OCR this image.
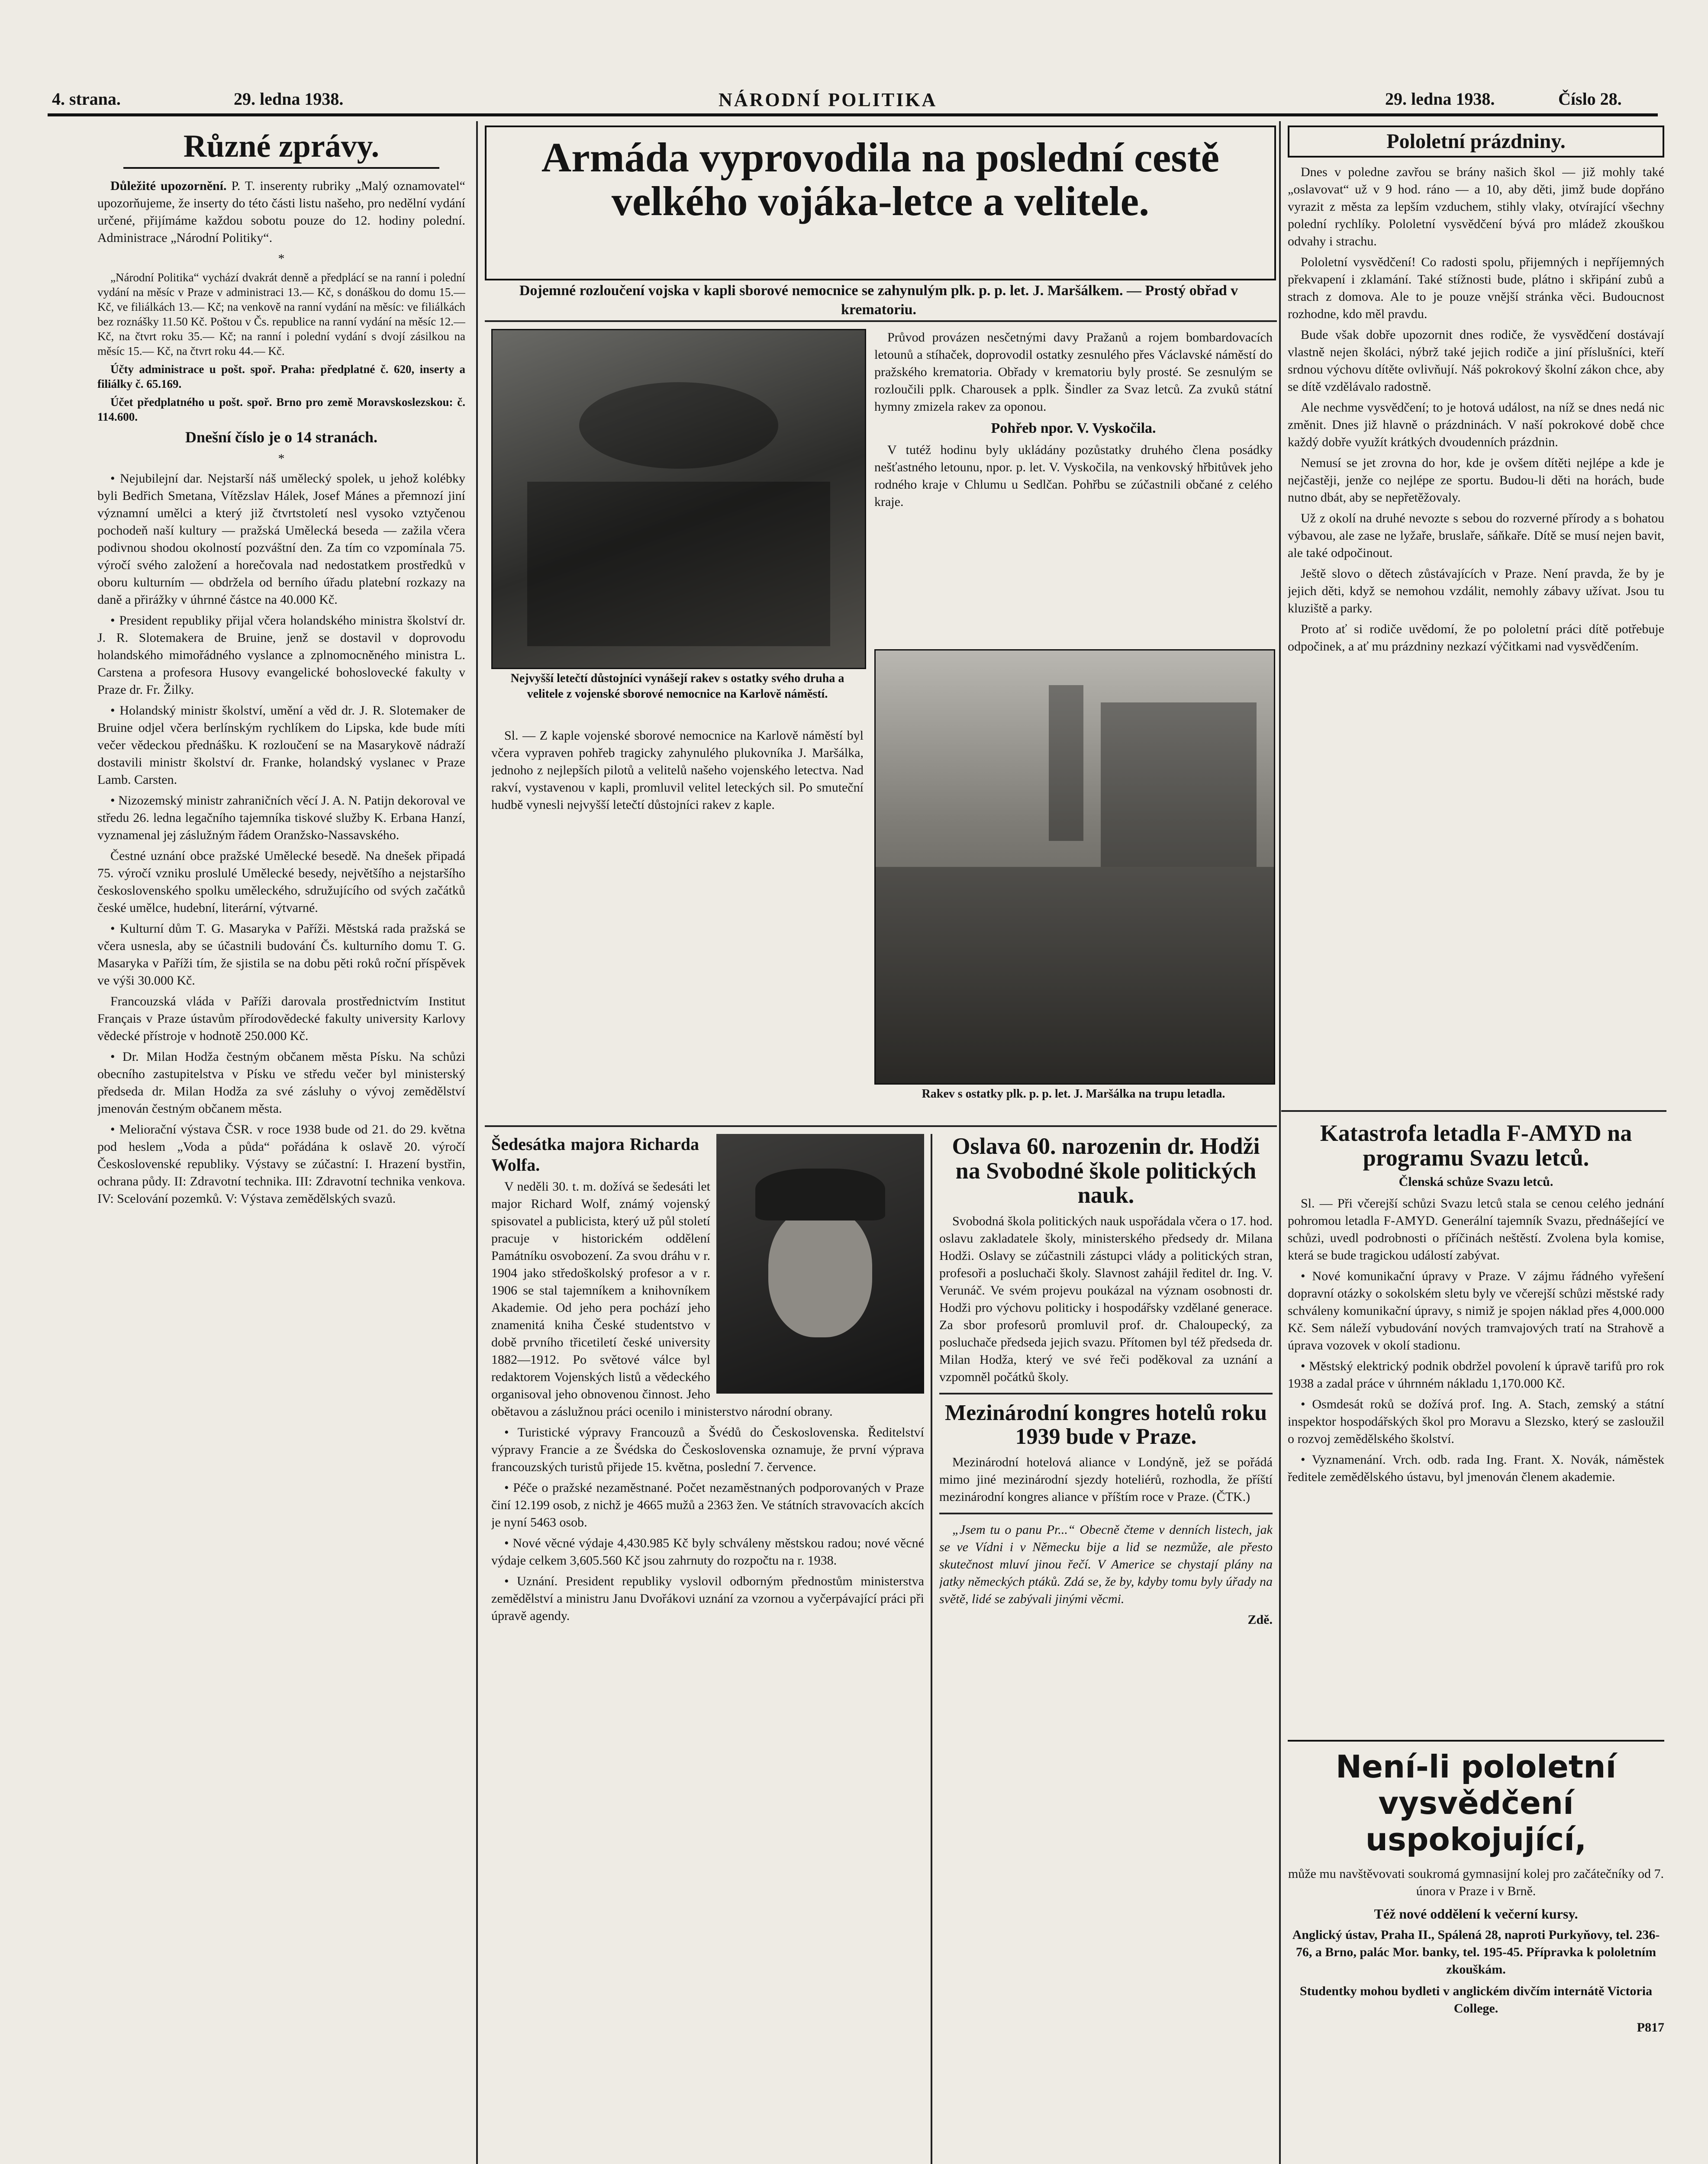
4. strana.	29. ledna 1938.	NÁRODNÍ POLITIKA	29. ledna 1938.	Číslo 28.
Různé zprávy.

Důležité upozornění. P. T. inserenty rubriky „Malý oznamovatel“ upozorňujeme, že inserty do této části listu našeho, pro nedělní vydání určené, přijímáme každou sobotu pouze do 12. hodiny polední. Administrace „Národní Politiky“.

*

„Národní Politika“ vychází dvakrát denně a předplácí se na ranní i polední vydání na měsíc v Praze v administraci 13.— Kč, s donáškou do domu 15.— Kč, ve filiálkách 13.— Kč; na venkově na ranní vydání na měsíc: ve filiálkách bez roznášky 11.50 Kč. Poštou v Čs. republice na ranní vydání na měsíc 12.— Kč, na čtvrt roku 35.— Kč; na ranní i polední vydání s dvojí zásilkou na měsíc 15.— Kč, na čtvrt roku 44.— Kč.

Účty administrace u pošt. spoř. Praha: předplatné č. 620, inserty a filiálky č. 65.169.

Účet předplatného u pošt. spoř. Brno pro země Moravskoslezskou: č. 114.600.

Dnešní číslo je o 14 stranách.
*

• Nejubilejní dar. Nejstarší náš umělecký spolek, u jehož kolébky byli Bedřich Smetana, Vítězslav Hálek, Josef Mánes a přemnozí jiní významní umělci a který již čtvrtstoletí nesl vysoko vztyčenou pochodeň naší kultury — pražská Umělecká beseda — zažila včera podivnou shodou okolností pozváštní den. Za tím co vzpomínala 75. výročí svého založení a horečovala nad nedostatkem prostředků v oboru kulturním — obdržela od berního úřadu platební rozkazy na daně a přirážky v úhrnné částce na 40.000 Kč.

• President republiky přijal včera holandského ministra školství dr. J. R. Slotemakera de Bruine, jenž se dostavil v doprovodu holandského mimořádného vyslance a zplnomocněného ministra L. Carstena a profesora Husovy evangelické bohoslovecké fakulty v Praze dr. Fr. Žilky.

• Holandský ministr školství, umění a věd dr. J. R. Slotemaker de Bruine odjel včera berlínským rychlíkem do Lipska, kde bude míti večer vědeckou přednášku. K rozloučení se na Masarykově nádraží dostavili ministr školství dr. Franke, holandský vyslanec v Praze Lamb. Carsten.

• Nizozemský ministr zahraničních věcí J. A. N. Patijn dekoroval ve středu 26. ledna legačního tajemníka tiskové služby K. Erbana Hanzí, vyznamenal jej záslužným řádem Oranžsko-Nassavského.

Čestné uznání obce pražské Umělecké besedě. Na dnešek připadá 75. výročí vzniku proslulé Umělecké besedy, největšího a nejstaršího československého spolku uměleckého, sdružujícího od svých začátků české umělce, hudební, literární, výtvarné.

• Kulturní dům T. G. Masaryka v Paříži. Městská rada pražská se včera usnesla, aby se účastnili budování Čs. kulturního domu T. G. Masaryka v Paříži tím, že sjistila se na dobu pěti roků roční příspěvek ve výši 30.000 Kč.

Francouzská vláda v Paříži darovala prostřednictvím Institut Français v Praze ústavům přírodovědecké fakulty university Karlovy vědecké přístroje v hodnotě 250.000 Kč.

• Dr. Milan Hodža čestným občanem města Písku. Na schůzi obecního zastupitelstva v Písku ve středu večer byl ministerský předseda dr. Milan Hodža za své zásluhy o vývoj zemědělství jmenován čestným občanem města.

• Meliorační výstava ČSR. v roce 1938 bude od 21. do 29. května pod heslem „Voda a půda“ pořádána k oslavě 20. výročí Československé republiky. Výstavy se zúčastní: I. Hrazení bystřin, ochrana půdy. II: Zdravotní technika. III: Zdravotní technika venkova. IV: Scelování pozemků. V: Výstava zemědělských svazů.

Armáda vyprovodila na poslední cestě velkého vojáka-letce a velitele.
Dojemné rozloučení vojska v kapli sborové nemocnice se zahynulým plk. p. p. let. J. Maršálkem. — Prostý obřad v krematoriu.
Nejvyšší letečtí důstojníci vynášejí rakev s ostatky svého druha a velitele z vojenské sborové nemocnice na Karlově náměstí.

Sl. — Z kaple vojenské sborové nemocnice na Karlově náměstí byl včera vypraven pohřeb tragicky zahynulého plukovníka J. Maršálka, jednoho z nejlepších pilotů a velitelů našeho vojenského letectva. Nad rakví, vystavenou v kapli, promluvil velitel leteckých sil. Po smuteční hudbě vynesli nejvyšší letečtí důstojníci rakev z kaple.

Průvod provázen nesčetnými davy Pražanů a rojem bombardovacích letounů a stíhaček, doprovodil ostatky zesnulého přes Václavské náměstí do pražského krematoria. Obřady v krematoriu byly prosté. Se zesnulým se rozloučili pplk. Charousek a pplk. Šindler za Svaz letců. Za zvuků státní hymny zmizela rakev za oponou.

Pohřeb npor. V. Vyskočila.

V tutéž hodinu byly ukládány pozůstatky druhého člena posádky nešťastného letounu, npor. p. let. V. Vyskočila, na venkovský hřbitůvek jeho rodného kraje v Chlumu u Sedlčan. Pohřbu se zúčastnili občané z celého kraje.

Rakev s ostatky plk. p. p. let. J. Maršálka na trupu letadla.
Šedesátka majora Richarda Wolfa.

V neděli 30. t. m. dožívá se šedesáti let major Richard Wolf, známý vojenský spisovatel a publicista, který už půl století pracuje v historickém oddělení Památníku osvobození. Za svou dráhu v r. 1904 jako středoškolský profesor a v r. 1906 se stal tajemníkem a knihovníkem Akademie. Od jeho pera pochází jeho znamenitá kniha České studentstvo v době prvního třicetiletí české university 1882—1912. Po světové válce byl redaktorem Vojenských listů a vědeckého organisoval jeho obnovenou činnost. Jeho obětavou a záslužnou práci ocenilo i ministerstvo národní obrany.

• Turistické výpravy Francouzů a Švédů do Československa. Ředitelství výpravy Francie a ze Švédska do Československa oznamuje, že první výprava francouzských turistů přijede 15. května, poslední 7. července.

• Péče o pražské nezaměstnané. Počet nezaměstnaných podporovaných v Praze činí 12.199 osob, z nichž je 4665 mužů a 2363 žen. Ve státních stravovacích akcích je nyní 5463 osob.

• Nové věcné výdaje 4,430.985 Kč byly schváleny městskou radou; nové věcné výdaje celkem 3,605.560 Kč jsou zahrnuty do rozpočtu na r. 1938.

• Uznání. President republiky vyslovil odborným přednostům ministerstva zemědělství a ministru Janu Dvořákovi uznání za vzornou a vyčerpávající práci při úpravě agendy.

Oslava 60. narozenin dr. Hodži na Svobodné škole politických nauk.

Svobodná škola politických nauk uspořádala včera o 17. hod. oslavu zakladatele školy, ministerského předsedy dr. Milana Hodži. Oslavy se zúčastnili zástupci vlády a politických stran, profesoři a posluchači školy. Slavnost zahájil ředitel dr. Ing. V. Verunáč. Ve svém projevu poukázal na význam osobnosti dr. Hodži pro výchovu politicky i hospodářsky vzdělané generace. Za sbor profesorů promluvil prof. dr. Chaloupecký, za posluchače předseda jejich svazu. Přítomen byl též předseda dr. Milan Hodža, který ve své řeči poděkoval za uznání a vzpomněl počátků školy.

Mezinárodní kongres hotelů roku 1939 bude v Praze.

Mezinárodní hotelová aliance v Londýně, jež se pořádá mimo jiné mezinárodní sjezdy hoteliérů, rozhodla, že příští mezinárodní kongres aliance v příštím roce v Praze. (ČTK.)

„Jsem tu o panu Pr...“ Obecně čteme v denních listech, jak se ve Vídni i v Německu bije a lid se nezmůže, ale přesto skutečnost mluví jinou řečí. V Americe se chystají plány na jatky německých ptáků. Zdá se, že by, kdyby tomu byly úřady na světě, lidé se zabývali jinými věcmi.

Zdě.
Pololetní prázdniny.

Dnes v poledne zavřou se brány našich škol — již mohly také „oslavovat“ už v 9 hod. ráno — a 10, aby děti, jimž bude dopřáno vyrazit z města za lepším vzduchem, stihly vlaky, otvírající všechny polední rychlíky. Pololetní vysvědčení bývá pro mládež zkouškou odvahy i strachu.

Pololetní vysvědčení! Co radosti spolu, přijemných i nepříjemných překvapení i zklamání. Také stížnosti bude, plátno i skřipání zubů a strach z domova. Ale to je pouze vnější stránka věci. Budoucnost rozhodne, kdo měl pravdu.

Bude však dobře upozornit dnes rodiče, že vysvědčení dostávají vlastně nejen školáci, nýbrž také jejich rodiče a jiní příslušníci, kteří srdnou výchovu dítěte ovlivňují. Náš pokrokový školní zákon chce, aby se dítě vzdělávalo radostně.

Ale nechme vysvědčení; to je hotová událost, na níž se dnes nedá nic změnit. Dnes již hlavně o prázdninách. V naší pokrokové době chce každý dobře využít krátkých dvoudenních prázdnin.

Nemusí se jet zrovna do hor, kde je ovšem dítěti nejlépe a kde je nejčastěji, jenže co nejlépe ze sportu. Budou-li děti na horách, bude nutno dbát, aby se nepřetěžovaly.

Už z okolí na druhé nevozte s sebou do rozverné přírody a s bohatou výbavou, ale zase ne lyžaře, bruslaře, sáňkaře. Dítě se musí nejen bavit, ale také odpočinout.

Ještě slovo o dětech zůstávajících v Praze. Není pravda, že by je jejich děti, když se nemohou vzdálit, nemohly zábavy užívat. Jsou tu kluziště a parky.

Proto ať si rodiče uvědomí, že po pololetní práci dítě potřebuje odpočinek, a ať mu prázdniny nezkazí výčitkami nad vysvědčením.

Katastrofa letadla F-AMYD na programu Svazu letců.
Členská schůze Svazu letců.

Sl. — Při včerejší schůzi Svazu letců stala se cenou celého jednání pohromou letadla F-AMYD. Generální tajemník Svazu, přednášející ve schůzi, uvedl podrobnosti o příčinách neštěstí. Zvolena byla komise, která se bude tragickou událostí zabývat.

• Nové komunikační úpravy v Praze. V zájmu řádného vyřešení dopravní otázky o sokolském sletu byly ve včerejší schůzi městské rady schváleny komunikační úpravy, s nimiž je spojen náklad přes 4,000.000 Kč. Sem náleží vybudování nových tramvajových tratí na Strahově a úprava vozovek v okolí stadionu.

• Městský elektrický podnik obdržel povolení k úpravě tarifů pro rok 1938 a zadal práce v úhrnném nákladu 1,170.000 Kč.

• Osmdesát roků se dožívá prof. Ing. A. Stach, zemský a státní inspektor hospodářských škol pro Moravu a Slezsko, který se zasloužil o rozvoj zemědělského školství.

• Vyznamenání. Vrch. odb. rada Ing. Frant. X. Novák, náměstek ředitele zemědělského ústavu, byl jmenován členem akademie.

Není-li pololetní vysvědčení uspokojující,
může mu navštěvovati soukromá gymnasijní kolej pro začátečníky od 7. února v Praze i v Brně.
Též nové oddělení k večerní kursy.
Anglický ústav, Praha II., Spálená 28, naproti Purkyňovy, tel. 236-76, a Brno, palác Mor. banky, tel. 195-45. Přípravka k pololetním zkouškám.
Studentky mohou bydleti v anglickém divčím internátě Victoria College.
P817
